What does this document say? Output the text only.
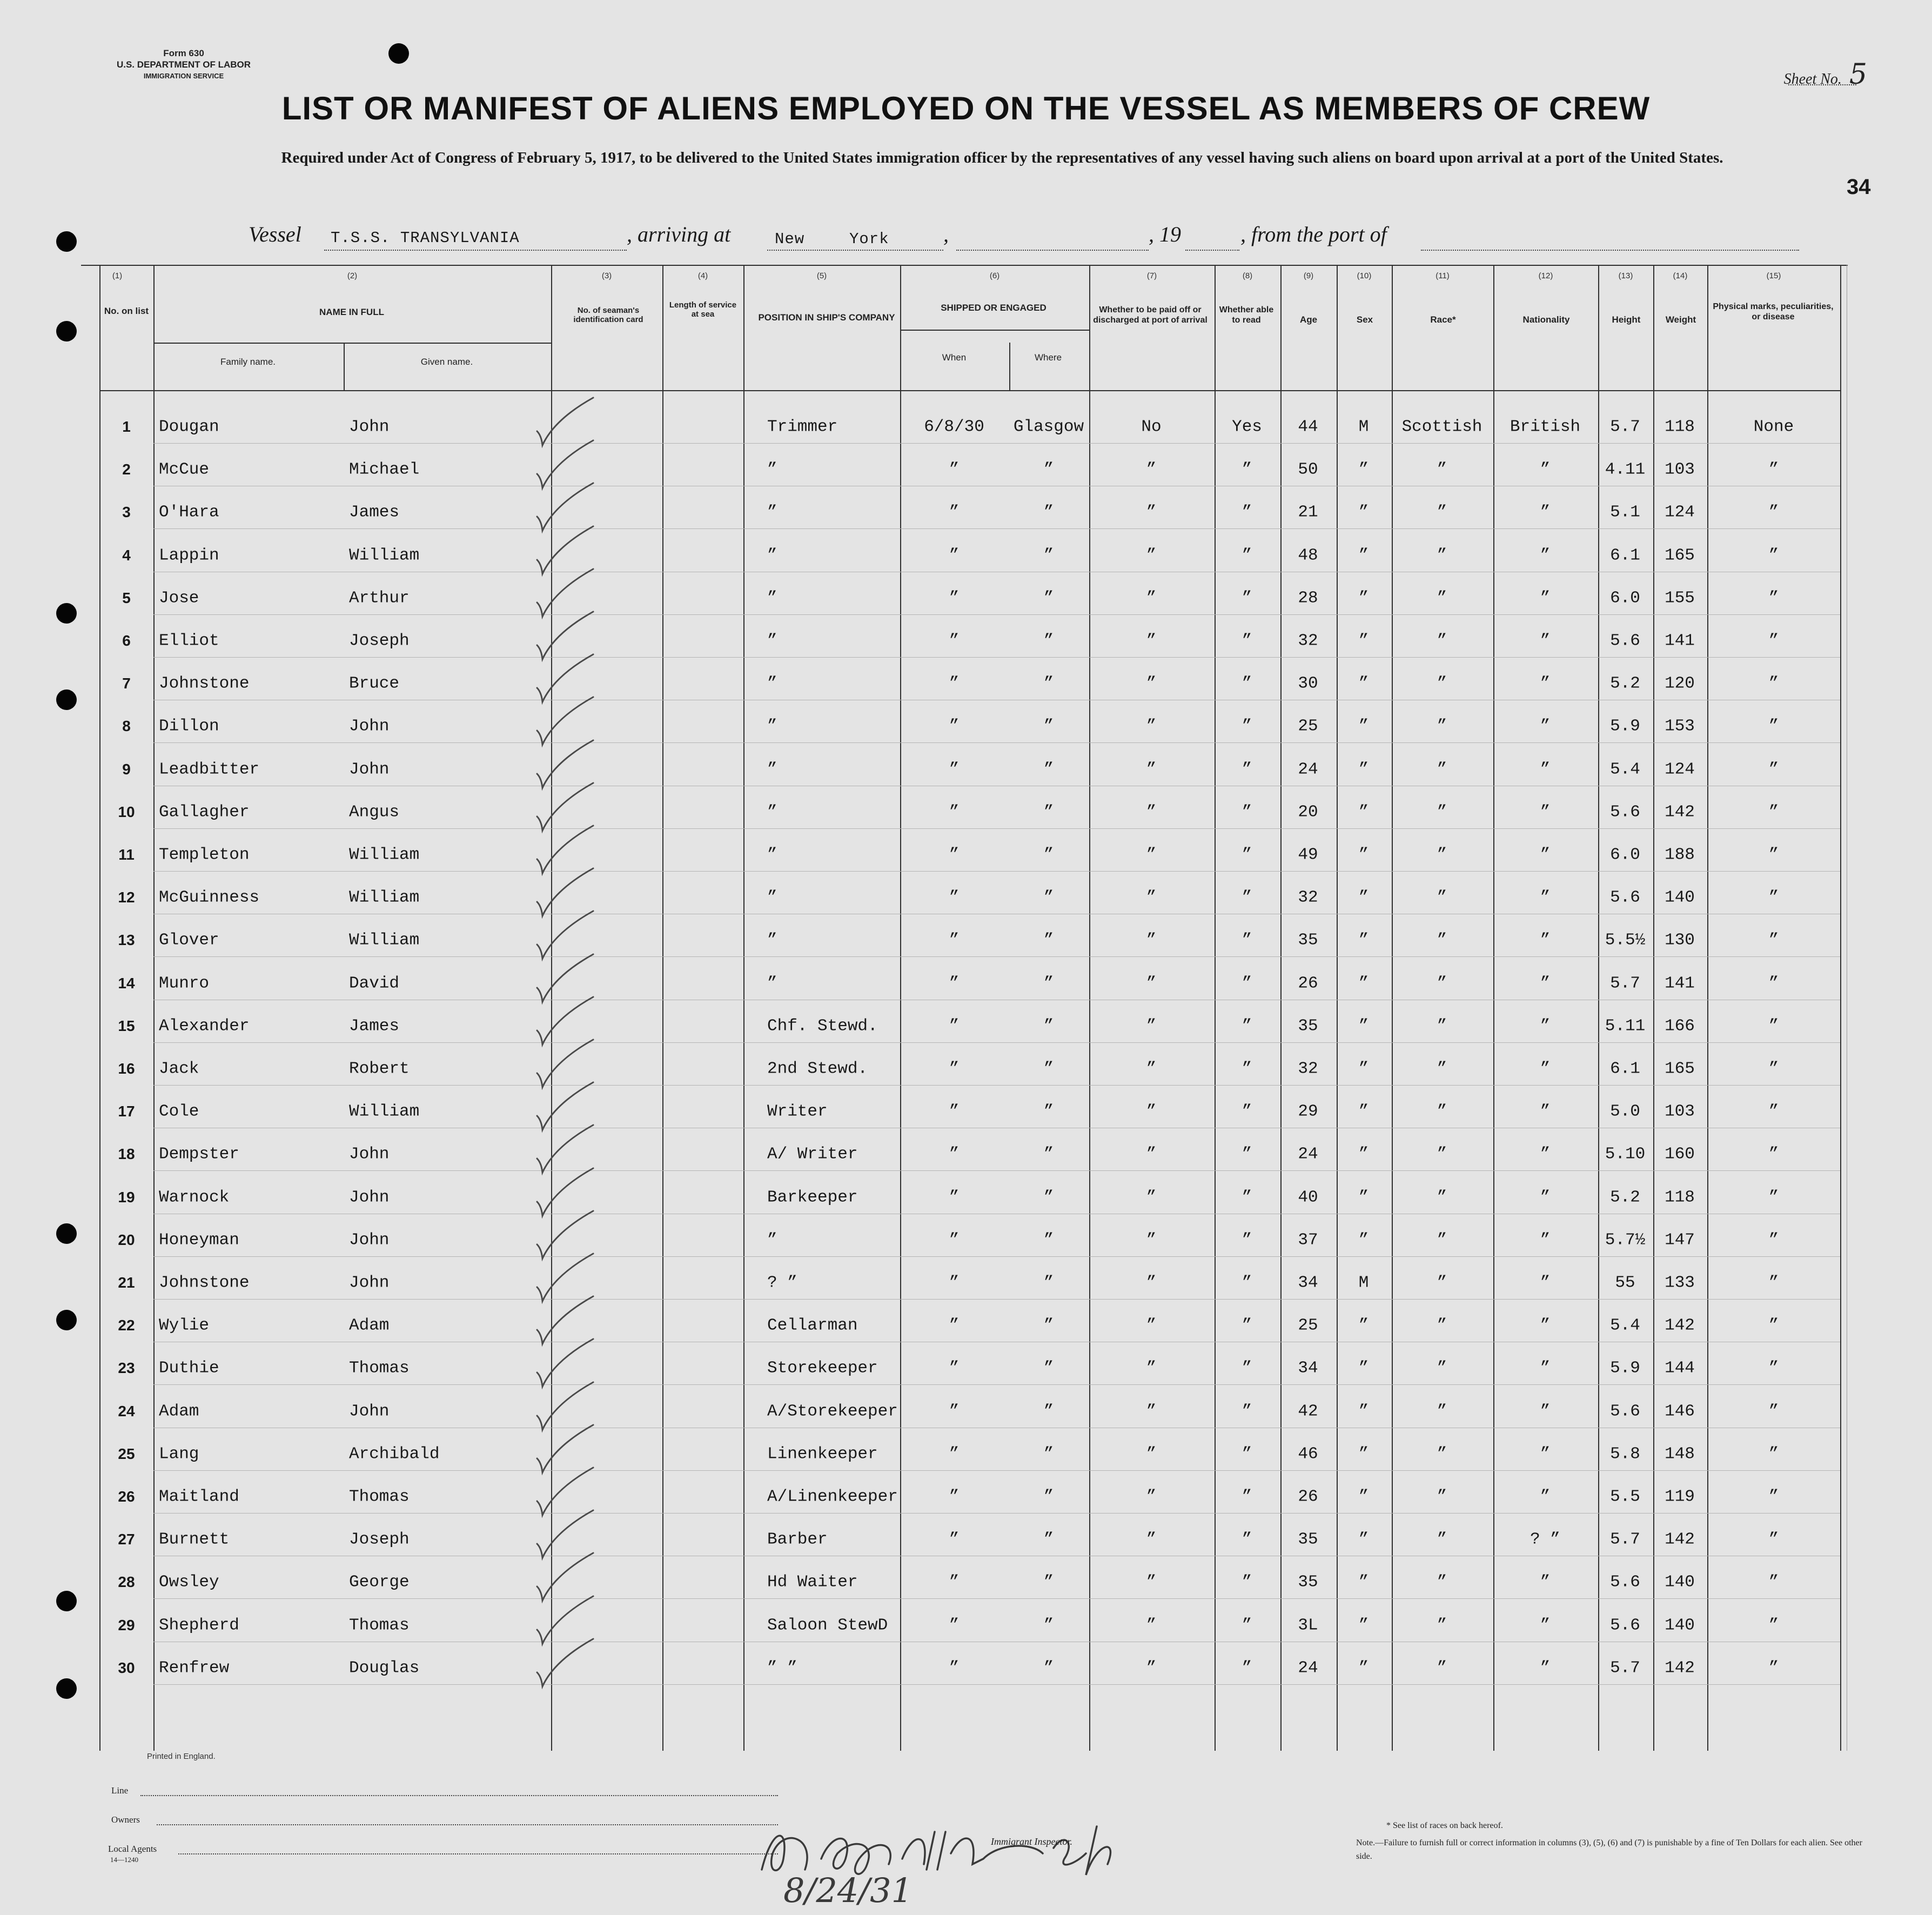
Form 630
U.S. DEPARTMENT OF LABOR
IMMIGRATION SERVICE	Sheet No. 5
34
LIST OR MANIFEST OF ALIENS EMPLOYED ON THE VESSEL AS MEMBERS OF CREW
Required under Act of Congress of February 5, 1917, to be delivered to the United States immigration officer by the representatives of any vessel having such aliens on board upon arrival at a port of the United States.
Vessel T.S.S. TRANSYLVANIA	, arriving at	New	York	,	, 19	, from the port of
No. on list	NAME IN FULL
Family name.	Given name.
No. of seaman's identification card
Length of service at sea	POSITION IN SHIP'S COMPANY
SHIPPED OR ENGAGED
When	Where
Whether to be paid off or discharged at port of arrival
Whether able to read	Age	Sex	Race*	Nationality	Height	Weight
Physical marks, peculiarities, or disease
Printed in England.
Line
Owners
Local Agents
14—1240
8/24/31
Immigrant Inspector.
* See list of races on back hereof.
Note.—Failure to furnish full or correct information in columns (3), (5), (6) and (7) is punishable by a fine of Ten Dollars for each alien. See other side.
(1)	(2)	(3)	(4)	(5)	(6)	(7)	(8)	(9)	(10)	(11)	(12)	(13)	(14)	(15)
1	Dougan	John	Trimmer	6/8/30	Glasgow	No	Yes	44	M	Scottish	British	5.7	118	None
2	McCue	Michael	”	”	”	”	”	50	”	”	”	4.11	103	”
3	O'Hara	James	”	”	”	”	”	21	”	”	”	5.1	124	”
4	Lappin	William	”	”	”	”	”	48	”	”	”	6.1	165	”
5	Jose	Arthur	”	”	”	”	”	28	”	”	”	6.0	155	”
6	Elliot	Joseph	”	”	”	”	”	32	”	”	”	5.6	141	”
7	Johnstone	Bruce	”	”	”	”	”	30	”	”	”	5.2	120	”
8	Dillon	John	”	”	”	”	”	25	”	”	”	5.9	153	”
9	Leadbitter	John	”	”	”	”	”	24	”	”	”	5.4	124	”
10	Gallagher	Angus	”	”	”	”	”	20	”	”	”	5.6	142	”
11	Templeton	William	”	”	”	”	”	49	”	”	”	6.0	188	”
12	McGuinness	William	”	”	”	”	”	32	”	”	”	5.6	140	”
13	Glover	William	”	”	”	”	”	35	”	”	”	5.5½	130	”
14	Munro	David	”	”	”	”	”	26	”	”	”	5.7	141	”
15	Alexander	James	Chf. Stewd.	”	”	”	”	35	”	”	”	5.11	166	”
16	Jack	Robert	2nd Stewd.	”	”	”	”	32	”	”	”	6.1	165	”
17	Cole	William	Writer	”	”	”	”	29	”	”	”	5.0	103	”
18	Dempster	John	A/ Writer	”	”	”	”	24	”	”	”	5.10	160	”
19	Warnock	John	Barkeeper	”	”	”	”	40	”	”	”	5.2	118	”
20	Honeyman	John	”	”	”	”	”	37	”	”	”	5.7½	147	”
21	Johnstone	John	? ”	”	”	”	”	34	M	”	”	55	133	”
22	Wylie	Adam	Cellarman	”	”	”	”	25	”	”	”	5.4	142	”
23	Duthie	Thomas	Storekeeper	”	”	”	”	34	”	”	”	5.9	144	”
24	Adam	John	A/Storekeeper	”	”	”	”	42	”	”	”	5.6	146	”
25	Lang	Archibald	Linenkeeper	”	”	”	”	46	”	”	”	5.8	148	”
26	Maitland	Thomas	A/Linenkeeper	”	”	”	”	26	”	”	”	5.5	119	”
27	Burnett	Joseph	Barber	”	”	”	”	35	”	”	? ”	5.7	142	”
28	Owsley	George	Hd Waiter	”	”	”	”	35	”	”	”	5.6	140	”
29	Shepherd	Thomas	Saloon StewD	”	”	”	”	3L	”	”	”	5.6	140	”
30	Renfrew	Douglas	” ”	”	”	”	”	24	”	”	”	5.7	142	”
